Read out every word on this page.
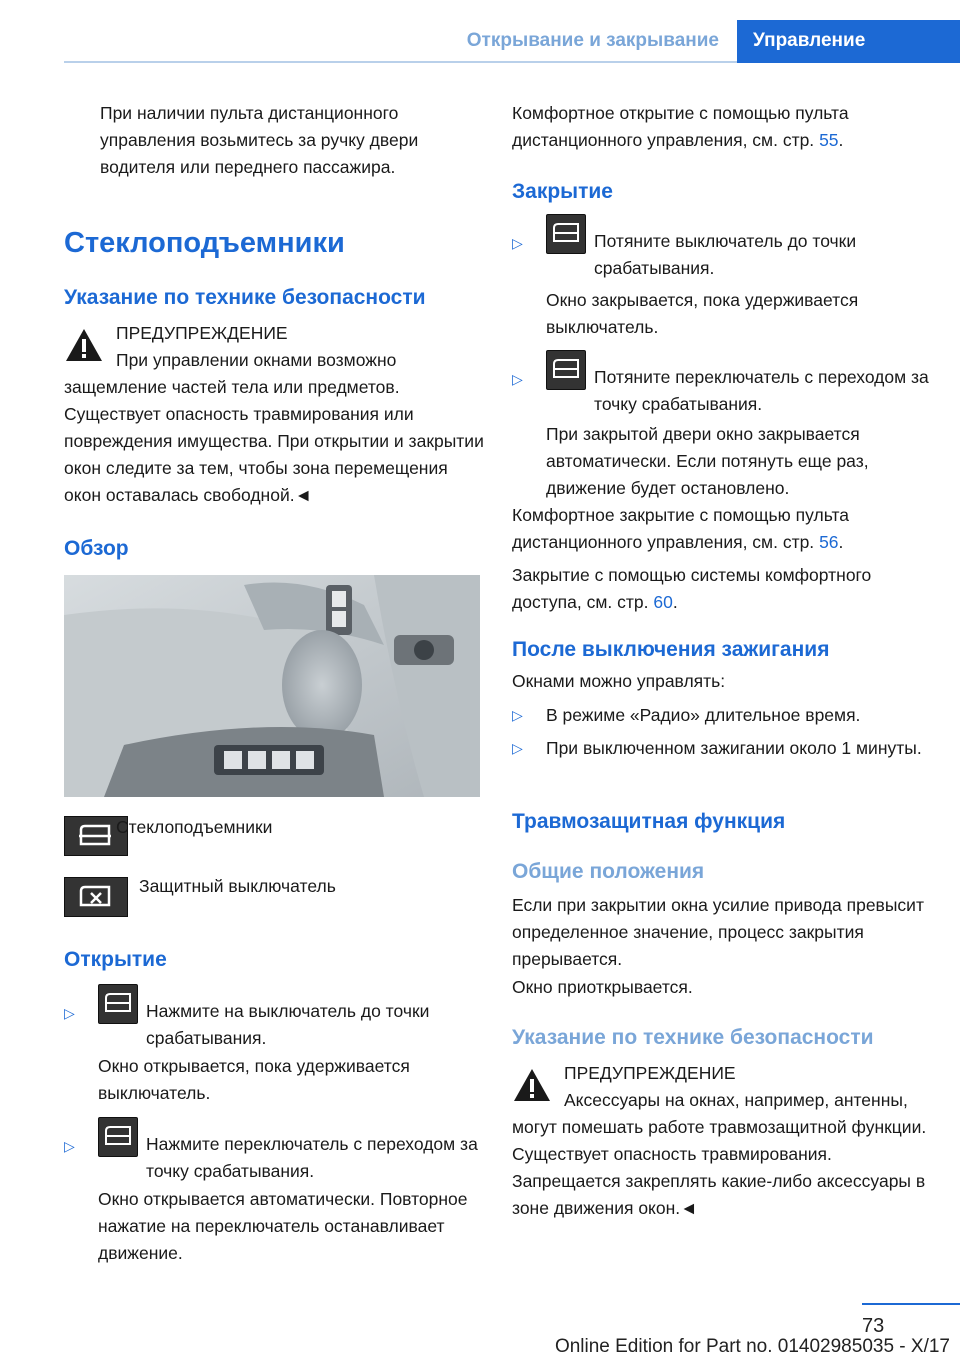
Открывание и закрывание Управление

При наличии пульта дистанционного управления возьмитесь за ручку двери водителя или переднего пассажира.

Стеклоподъемники
Указание по технике безопасности
ПРЕДУПРЕЖДЕНИЕ

При управлении окнами возможно защемление частей тела или предметов. Существует опасность травмирования или повреждения имущества. При открытии и закрытии окон следите за тем, чтобы зона перемещения окон оставалась свободной.◄

Обзор
Стеклоподъемники
Защитный выключатель
Открытие
▷	Нажмите на выключатель до точки срабатывания.

Окно открывается, пока удерживается выключатель.
▷	Нажмите переключатель с переходом за точку срабатывания.
Окно открывается автоматически. Повторное нажатие на переключатель останавливает движение.

Комфортное открытие с помощью пульта дистанционного управления, см. стр. 55.

Закрытие
▷	Потяните выключатель до точки срабатывания.
Окно закрывается, пока удерживается выключатель.
▷	Потяните переключатель с переходом за точку срабатывания.
При закрытой двери окно закрывается автоматически. Если потянуть еще раз, движение будет остановлено.

Комфортное закрытие с помощью пульта дистанционного управления, см. стр. 56.

Закрытие с помощью системы комфортного доступа, см. стр. 60.

После выключения зажигания
Окнами можно управлять:
▷	В режиме «Радио» длительное время.
▷	При выключенном зажигании около 1 минуты.
Травмозащитная функция
Общие положения
Если при закрытии окна усилие привода превысит определенное значение, процесс закрытия прерывается.
Окно приоткрывается.
Указание по технике безопасности
ПРЕДУПРЕЖДЕНИЕ

Аксессуары на окнах, например, антенны, могут помешать работе травмозащитной функции. Существует опасность травмирования. Запрещается закреплять какие-либо аксессуары в зоне движения окон.◄

73
Online Edition for Part no. 01402985035 - X/17
